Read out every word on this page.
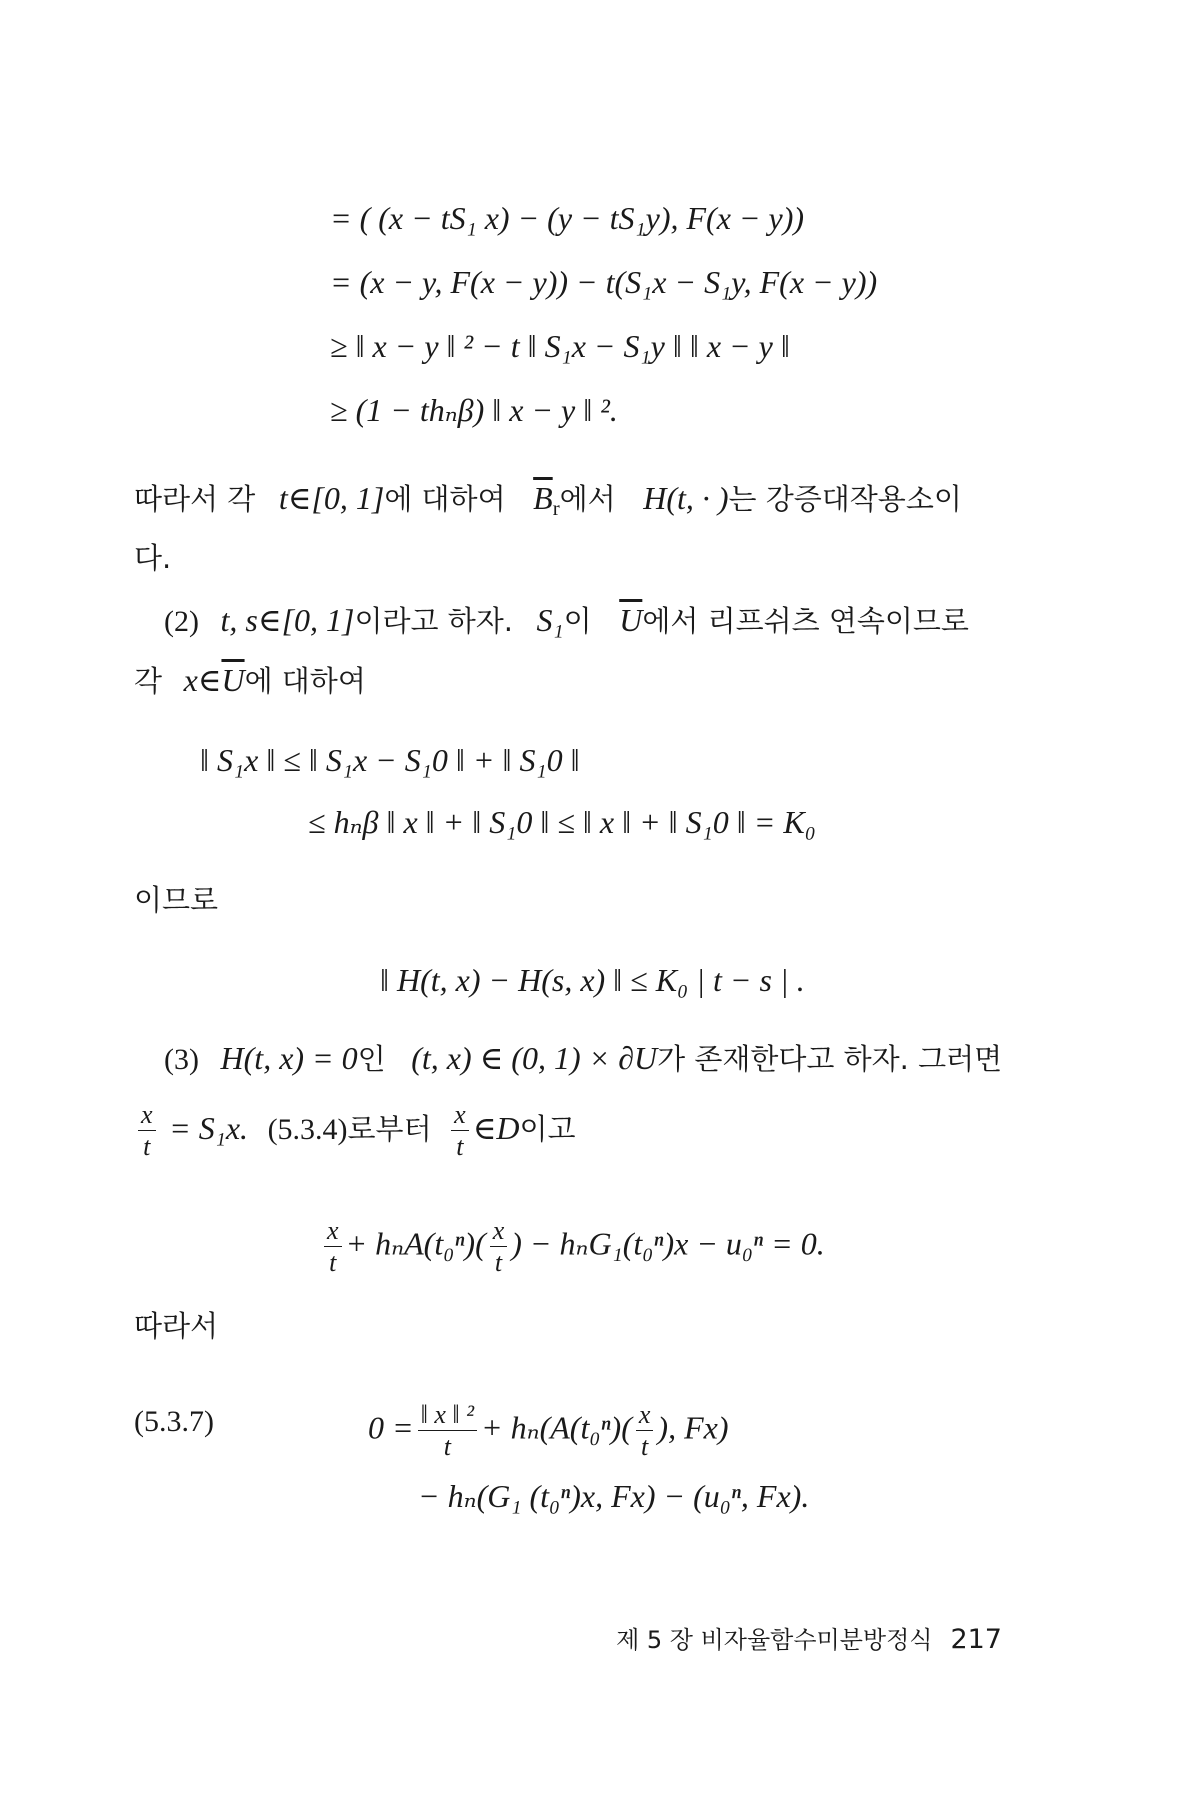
= ( (x − tS₁ x) − (y − tS₁y), F(x − y))
= (x − y, F(x − y)) − t(S₁x − S₁y, F(x − y))
≥ ‖ x − y ‖ ² − t ‖ S₁x − S₁y ‖ ‖ x − y ‖
≥ (1 − thₙβ) ‖ x − y ‖ ².
따라서 각 t∈[0, 1]에 대하여 $\overline{B}_r$에서 H(t, · )는 강증대작용소이
다.
(2) t, s∈[0, 1]이라고 하자. S₁이 $\overline{U}$에서 리프쉬츠 연속이므로
각 $x\in\overline{U}$에 대하여
‖ S₁x ‖ ≤ ‖ S₁x − S₁0 ‖ + ‖ S₁0 ‖
≤ hₙβ ‖ x ‖ + ‖ S₁0 ‖ ≤ ‖ x ‖ + ‖ S₁0 ‖ = K₀
이므로
‖ H(t, x) − H(s, x) ‖ ≤ K₀ | t − s | .
(3) H(t, x) = 0인 (t, x) ∈ (0, 1) × ∂U가 존재한다고 하자. 그러면
$\frac{x}{t} = S_1x$. (5.3.4)로부터 $\frac{x}{t}$ ∈D이고
$\frac{x}{t} + h_nA(t_0^n)( \frac{x}{t}$ ) − hₙG₁(t₀ⁿ)x − u₀ⁿ = 0.
따라서
(5.3.7)	$0 = \frac{\text{‖ x ‖ ²}}{t} + h_n(A(t_0^n)( \frac{x}{t}$ ), Fx)
− hₙ(G₁ (t₀ⁿ)x, Fx) − (u₀ⁿ, Fx).
제 5 장 비자율함수미분방정식 217
